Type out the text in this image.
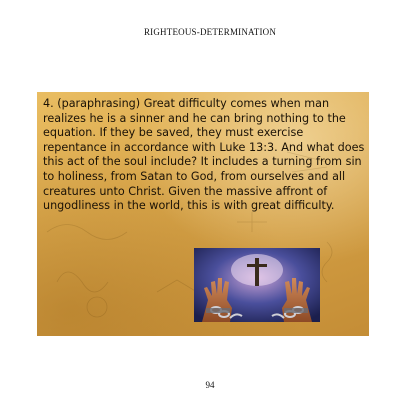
RIGHTEOUS-DETERMINATION

4. (paraphrasing) Great difficulty comes when man realizes he is a sinner and he can bring nothing to the equation. If they be saved, they must exercise repentance in accordance with Luke 13:3. And what does this act of the soul include? It includes a turning from sin to holiness, from Satan to God, from ourselves and all creatures unto Christ. Given the massive affront of ungodliness in the world, this is with great difficulty.

94
